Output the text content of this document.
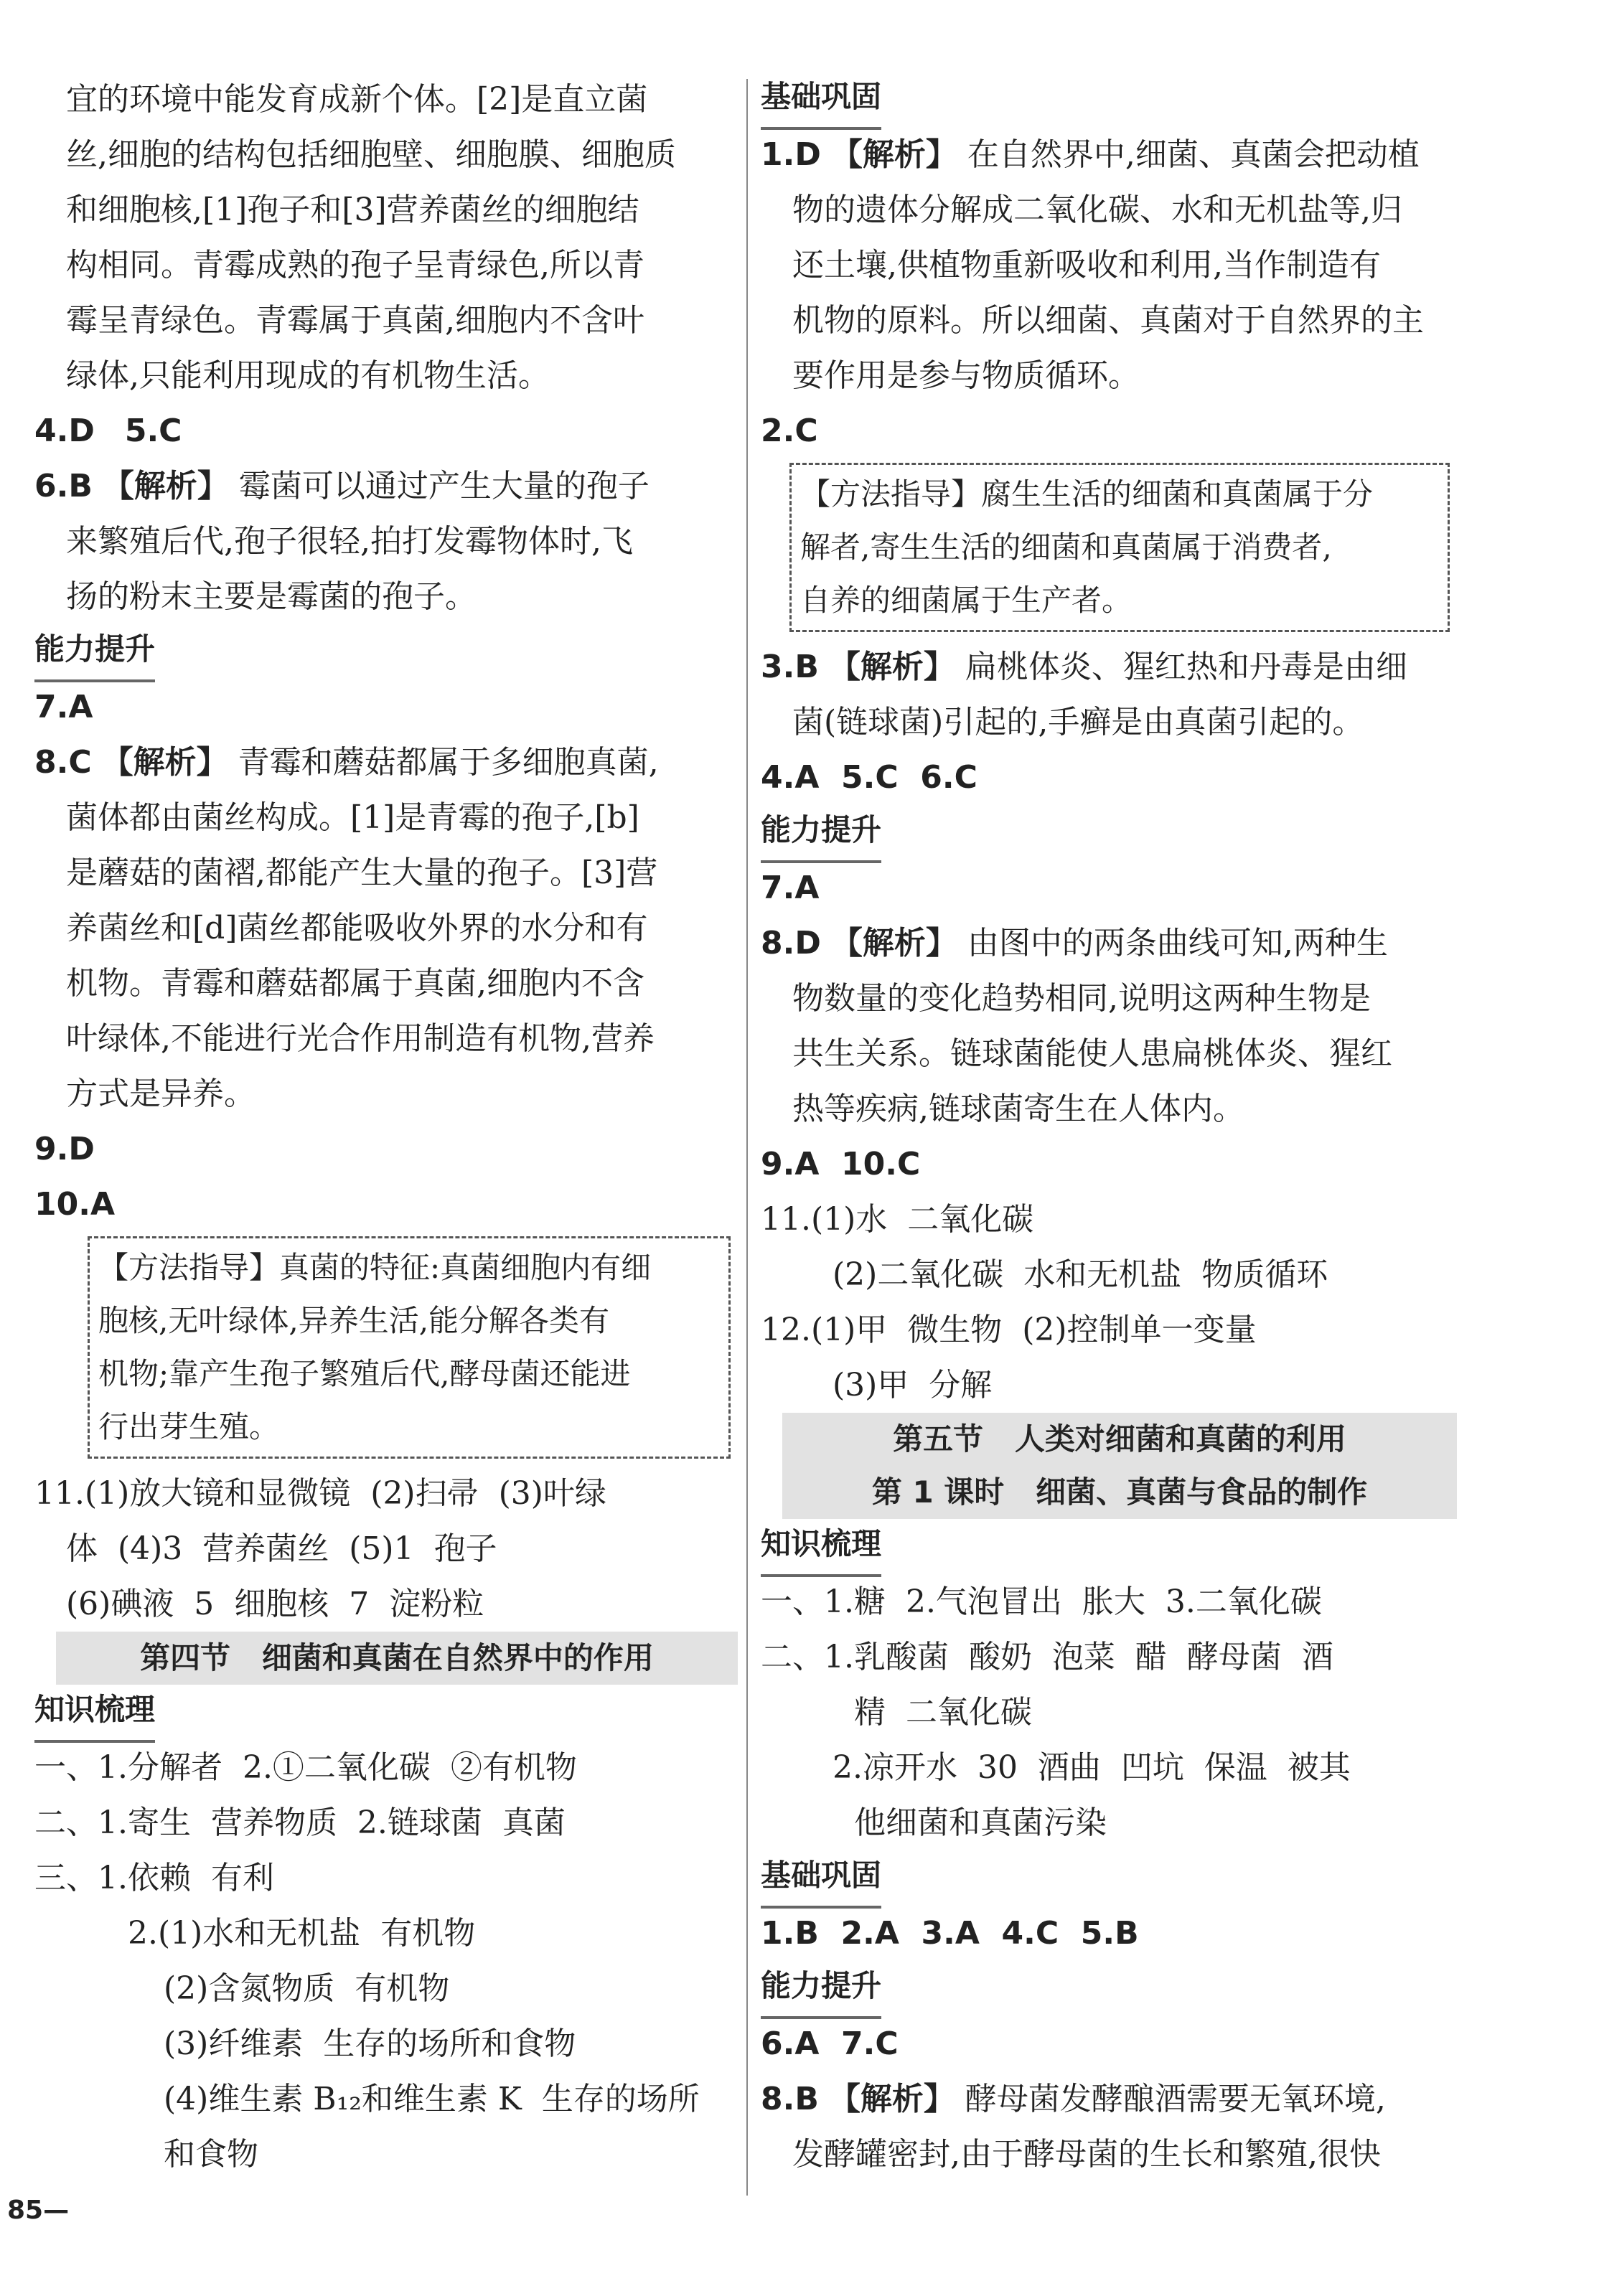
宜的环境中能发育成新个体。[2]是直立菌
丝,细胞的结构包括细胞壁、细胞膜、细胞质
和细胞核,[1]孢子和[3]营养菌丝的细胞结
构相同。青霉成熟的孢子呈青绿色,所以青
霉呈青绿色。青霉属于真菌,细胞内不含叶
绿体,只能利用现成的有机物生活。
4.D 5.C
6.B 【解析】 霉菌可以通过产生大量的孢子
来繁殖后代,孢子很轻,拍打发霉物体时,飞
扬的粉末主要是霉菌的孢子。
能力提升
7.A
8.C 【解析】 青霉和蘑菇都属于多细胞真菌,
菌体都由菌丝构成。[1]是青霉的孢子,[b]
是蘑菇的菌褶,都能产生大量的孢子。[3]营
养菌丝和[d]菌丝都能吸收外界的水分和有
机物。青霉和蘑菇都属于真菌,细胞内不含
叶绿体,不能进行光合作用制造有机物,营养
方式是异养。
9.D
10.A
【方法指导】真菌的特征:真菌细胞内有细
胞核,无叶绿体,异养生活,能分解各类有
机物;靠产生孢子繁殖后代,酵母菌还能进
行出芽生殖。
11.(1)放大镜和显微镜  (2)扫帚  (3)叶绿
体  (4)3  营养菌丝  (5)1  孢子
(6)碘液  5  细胞核  7  淀粉粒
第四节   细菌和真菌在自然界中的作用
知识梳理
一、1.分解者  2.①二氧化碳  ②有机物
二、1.寄生  营养物质  2.链球菌  真菌
三、1.依赖  有利
2.(1)水和无机盐  有机物
(2)含氮物质  有机物
(3)纤维素  生存的场所和食物
(4)维生素 B₁₂和维生素 K  生存的场所
和食物
基础巩固
1.D 【解析】 在自然界中,细菌、真菌会把动植
物的遗体分解成二氧化碳、水和无机盐等,归
还土壤,供植物重新吸收和利用,当作制造有
机物的原料。所以细菌、真菌对于自然界的主
要作用是参与物质循环。
2.C
【方法指导】腐生生活的细菌和真菌属于分
解者,寄生生活的细菌和真菌属于消费者,
自养的细菌属于生产者。
3.B 【解析】 扁桃体炎、猩红热和丹毒是由细
菌(链球菌)引起的,手癣是由真菌引起的。
4.A  5.C  6.C
能力提升
7.A
8.D 【解析】 由图中的两条曲线可知,两种生
物数量的变化趋势相同,说明这两种生物是
共生关系。链球菌能使人患扁桃体炎、猩红
热等疾病,链球菌寄生在人体内。
9.A  10.C
11.(1)水  二氧化碳
(2)二氧化碳  水和无机盐  物质循环
12.(1)甲  微生物  (2)控制单一变量
(3)甲  分解
第五节   人类对细菌和真菌的利用
第 1 课时   细菌、真菌与食品的制作
知识梳理
一、1.糖  2.气泡冒出  胀大  3.二氧化碳
二、1.乳酸菌  酸奶  泡菜  醋  酵母菌  酒
精  二氧化碳
2.凉开水  30  酒曲  凹坑  保温  被其
他细菌和真菌污染
基础巩固
1.B  2.A  3.A  4.C  5.B
能力提升
6.A  7.C
8.B 【解析】 酵母菌发酵酿酒需要无氧环境,
发酵罐密封,由于酵母菌的生长和繁殖,很快
85—
